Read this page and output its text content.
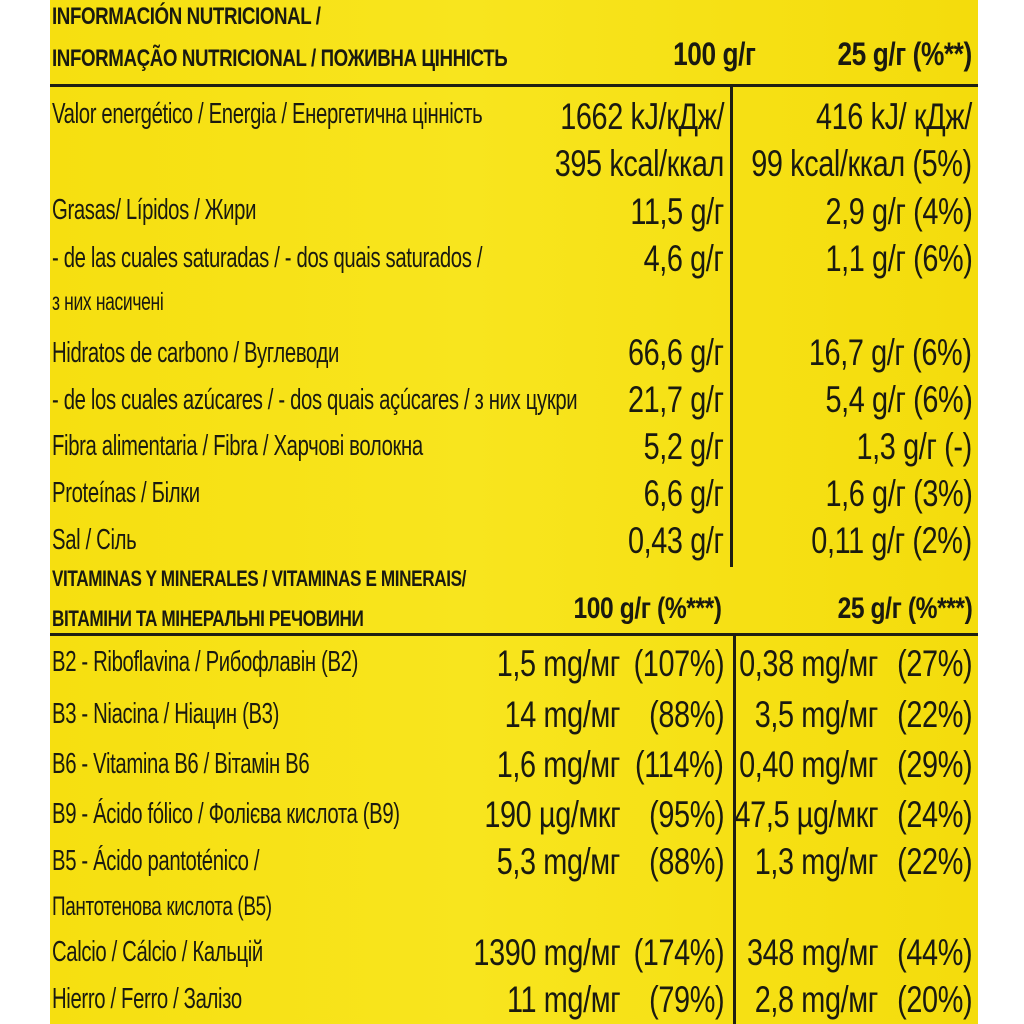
INFORMACIÓN NUTRICIONAL /
INFORMAÇÃO NUTRICIONAL / ПОЖИВНА ЦІННІСТЬ	100 g/г	25 g/г (%**)
Valor energético / Energia / Енергетична цінність 1662 kJ/кДж/ 416 kJ/ кДж/
395 kcal/ккал 99 kcal/ккал (5%)
Grasas/ Lípidos / Жири	11,5 g/г	2,9 g/г (4%)
- de las cuales saturadas / - dos quais saturados /	4,6 g/г	1,1 g/г (6%)
з них насичені
Hidratos de carbono / Вуглеводи	66,6 g/г 16,7 g/г (6%)
- de los cuales azúcares / - dos quais açúcares / з них цукри 21,7 g/г	5,4 g/г (6%)
Fibra alimentaria / Fibra / Харчові волокна	5,2 g/г	1,3 g/г (-)
Proteínas / Білки	6,6 g/г	1,6 g/г (3%)
Sal / Сіль	0,43 g/г 0,11 g/г (2%)
VITAMINAS Y MINERALES / VITAMINAS E MINERAIS/
ВІТАМІНИ ТА МІНЕРАЛЬНІ РЕЧОВИНИ	100 g/г (%***)	25 g/г (%***)
B2 - Riboflavina / Рибофлавін (B2)	1,5 mg/мг (107%) 0,38 mg/мг (27%)
B3 - Niacina / Ніацин (B3)	14 mg/мг (88%) 3,5 mg/мг (22%)
B6 - Vitamina B6 / Вітамін B6	1,6 mg/мг (114%) 0,40 mg/мг (29%)
B9 - Ácido fólico / Фолієва кислота (B9) 190 µg/мкг (95%) 47,5 µg/мкг (24%)
B5 - Ácido pantoténico /	5,3 mg/мг (88%) 1,3 mg/мг (22%)
Пантотенова кислота (B5)
Calcio / Cálcio / Кальцій	1390 mg/мг (174%) 348 mg/мг (44%)
Hierro / Ferro / Залізо	11 mg/мг (79%) 2,8 mg/мг (20%)
